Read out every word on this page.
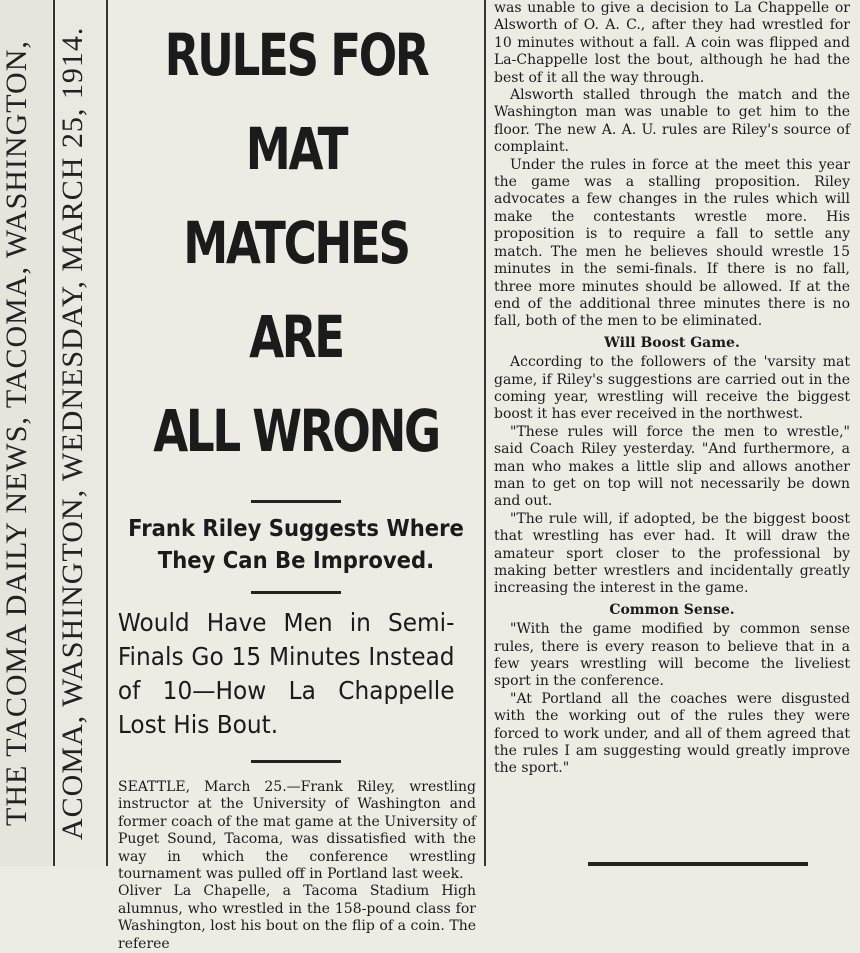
THE TACOMA DAILY NEWS, TACOMA, WASHINGTON, ACOMA, WASHINGTON, WEDNESDAY, MARCH 25, 1914. RULES FOR MAT
MATCHES ARE
ALL WRONG
Frank Riley Suggests Where They Can Be Improved.
Would Have Men in Semi-Finals Go 15 Minutes Instead of 10—How La Chappelle Lost His Bout.

SEATTLE, March 25.—Frank Riley, wrestling instructor at the University of Washington and former coach of the mat game at the University of Puget Sound, Tacoma, was dissatisfied with the way in which the conference wrestling tournament was pulled off in Portland last week.

Oliver La Chapelle, a Tacoma Stadium High alumnus, who wrestled in the 158-pound class for Washington, lost his bout on the flip of a coin. The referee

was unable to give a decision to La Chappelle or Alsworth of O. A. C., after they had wrestled for 10 minutes without a fall. A coin was flipped and La-Chappelle lost the bout, although he had the best of it all the way through.

Alsworth stalled through the match and the Washington man was unable to get him to the floor. The new A. A. U. rules are Riley's source of complaint.

Under the rules in force at the meet this year the game was a stalling proposition. Riley advocates a few changes in the rules which will make the contestants wrestle more. His proposition is to require a fall to settle any match. The men he believes should wrestle 15 minutes in the semi-finals. If there is no fall, three more minutes should be allowed. If at the end of the additional three minutes there is no fall, both of the men to be eliminated.

Will Boost Game.

According to the followers of the 'varsity mat game, if Riley's suggestions are carried out in the coming year, wrestling will receive the biggest boost it has ever received in the northwest.

"These rules will force the men to wrestle," said Coach Riley yesterday. "And furthermore, a man who makes a little slip and allows another man to get on top will not necessarily be down and out.

"The rule will, if adopted, be the biggest boost that wrestling has ever had. It will draw the amateur sport closer to the professional by making better wrestlers and incidentally greatly increasing the interest in the game.

Common Sense.

"With the game modified by common sense rules, there is every reason to believe that in a few years wrestling will become the liveliest sport in the conference.

"At Portland all the coaches were disgusted with the working out of the rules they were forced to work under, and all of them agreed that the rules I am suggesting would greatly improve the sport."
